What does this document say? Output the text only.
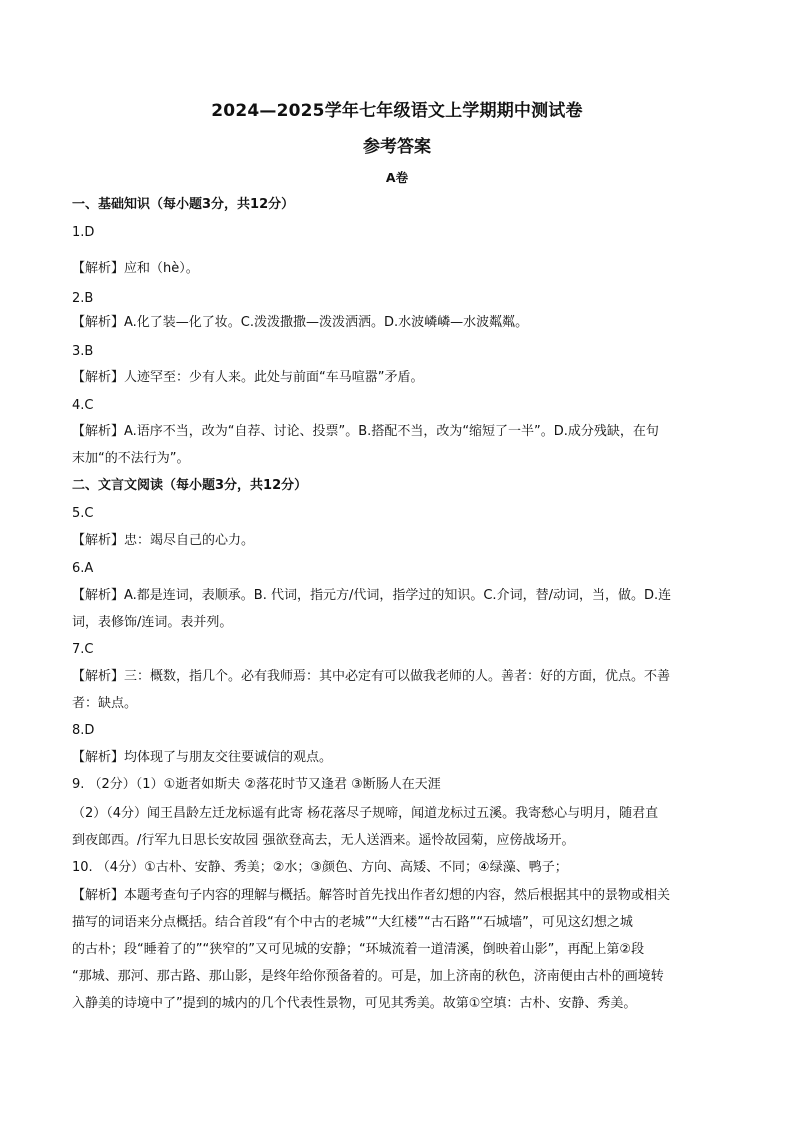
2024—2025学年七年级语文上学期期中测试卷
参考答案
A卷
一、基础知识（每小题3分，共12分）
1.D
【解析】应和（hè）。
2.B
【解析】A.化了装—化了妆。C.泼泼撒撒—泼泼洒洒。D.水波嶙嶙—水波粼粼。
3.B
【解析】人迹罕至：少有人来。此处与前面“车马喧嚣”矛盾。
4.C
【解析】A.语序不当，改为“自荐、讨论、投票”。B.搭配不当，改为“缩短了一半”。D.成分残缺，在句
末加“的不法行为”。
二、文言文阅读（每小题3分，共12分）
5.C
【解析】忠：竭尽自己的心力。
6.A
【解析】A.都是连词，表顺承。B. 代词，指元方/代词，指学过的知识。C.介词，替/动词，当，做。D.连
词，表修饰/连词。表并列。
7.C
【解析】三：概数，指几个。必有我师焉：其中必定有可以做我老师的人。善者：好的方面，优点。不善
者：缺点。
8.D
【解析】均体现了与朋友交往要诚信的观点。
9. （2分）（1）①逝者如斯夫 ②落花时节又逢君 ③断肠人在天涯
（2）（4分）闻王昌龄左迁龙标遥有此寄 杨花落尽子规啼，闻道龙标过五溪。我寄愁心与明月，随君直
到夜郎西。/行军九日思长安故园 强欲登高去，无人送酒来。遥怜故园菊，应傍战场开。
10. （4分）①古朴、安静、秀美；②水；③颜色、方向、高矮、不同；④绿藻、鸭子；
【解析】本题考查句子内容的理解与概括。解答时首先找出作者幻想的内容，然后根据其中的景物或相关
描写的词语来分点概括。结合首段“有个中古的老城”“大红楼”“古石路”“石城墙”，可见这幻想之城
的古朴；段“睡着了的”“狭窄的”又可见城的安静；“环城流着一道清溪，倒映着山影”，再配上第②段
“那城、那河、那古路、那山影，是终年给你预备着的。可是，加上济南的秋色，济南便由古朴的画境转
入静美的诗境中了”提到的城内的几个代表性景物，可见其秀美。故第①空填：古朴、安静、秀美。
